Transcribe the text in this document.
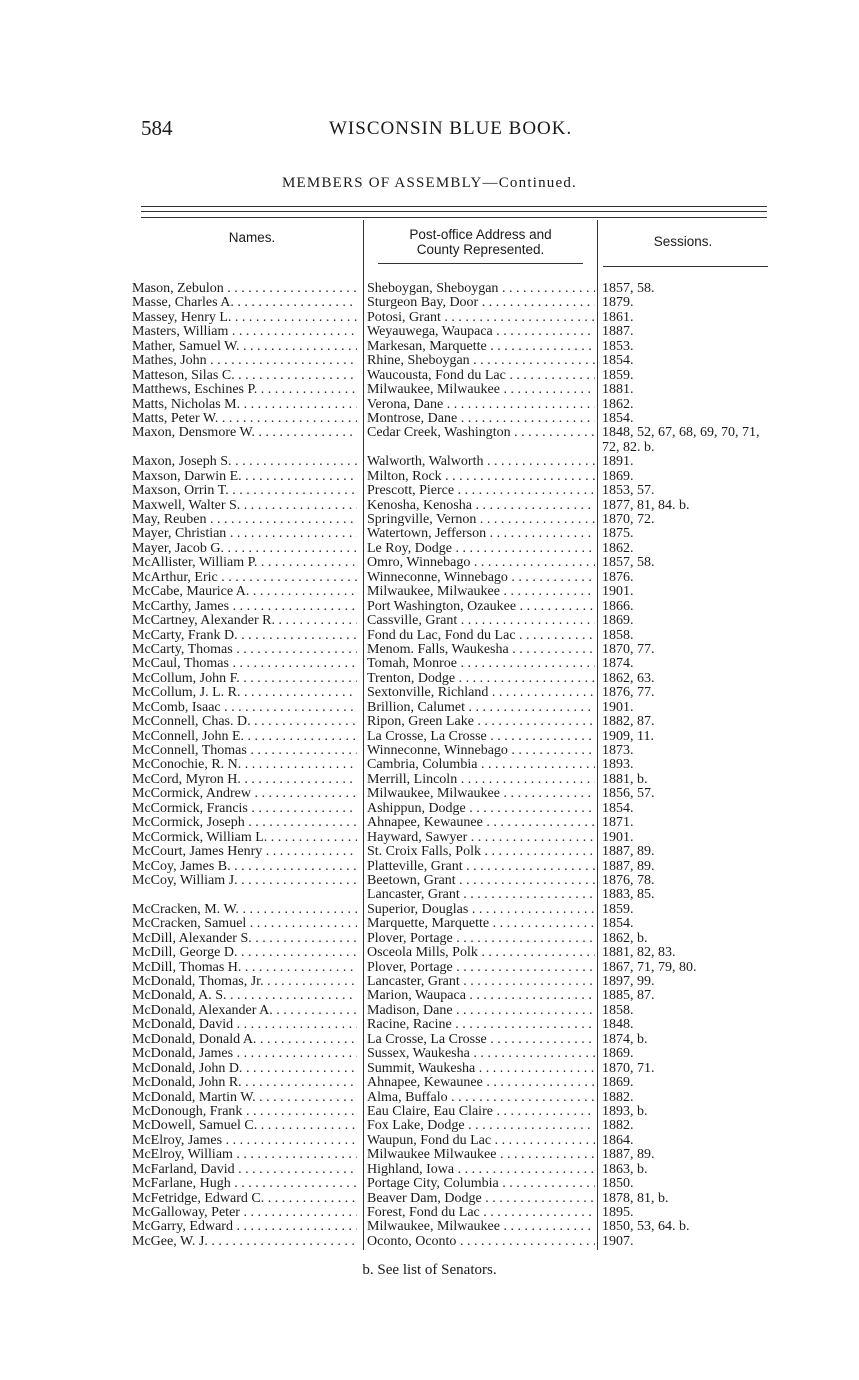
584	WISCONSIN BLUE BOOK.
MEMBERS OF ASSEMBLY—Continued.
Names.	Post-office Address and
County Represented.
Sessions.
Mason, Zebulon . . .	Sheboygan, Sheboygan . . .	1857, 58.
Masse, Charles A. . . .	Sturgeon Bay, Door . . .	1879.
Massey, Henry L. . . .	Potosi, Grant . . .	1861.
Masters, William . . .	Weyauwega, Waupaca . . .	1887.
Mather, Samuel W. . . .	Markesan, Marquette . . .	1853.
Mathes, John . . .	Rhine, Sheboygan . . .	1854.
Matteson, Silas C. . . .	Waucousta, Fond du Lac . . .	1859.
Matthews, Eschines P. . . .	Milwaukee, Milwaukee . . .	1881.
Matts, Nicholas M. . . .	Verona, Dane . . .	1862.
Matts, Peter W. . . .	Montrose, Dane . . .	1854.
Maxon, Densmore W. . . .	Cedar Creek, Washington . . .	1848, 52, 67, 68, 69, 70, 71, 72, 82. b.
Maxon, Joseph S. . . .	Walworth, Walworth . . .	1891.
Maxson, Darwin E. . . .	Milton, Rock . . .	1869.
Maxson, Orrin T. . . .	Prescott, Pierce . . .	1853, 57.
Maxwell, Walter S. . . .	Kenosha, Kenosha . . .	1877, 81, 84. b.
May, Reuben . . .	Springville, Vernon . . .	1870, 72.
Mayer, Christian . . .	Watertown, Jefferson . . .	1875.
Mayer, Jacob G. . . .	Le Roy, Dodge . . .	1862.
McAllister, William P. . . .	Omro, Winnebago . . .	1857, 58.
McArthur, Eric . . .	Winneconne, Winnebago . . .	1876.
McCabe, Maurice A. . . .	Milwaukee, Milwaukee . . .	1901.
McCarthy, James . . .	Port Washington, Ozaukee . . .	1866.
McCartney, Alexander R. . . .	Cassville, Grant . . .	1869.
McCarty, Frank D. . . .	Fond du Lac, Fond du Lac . . .	1858.
McCarty, Thomas . . .	Menom. Falls, Waukesha . . .	1870, 77.
McCaul, Thomas . . .	Tomah, Monroe . . .	1874.
McCollum, John F. . . .	Trenton, Dodge . . .	1862, 63.
McCollum, J. L. R. . . .	Sextonville, Richland . . .	1876, 77.
McComb, Isaac . . .	Brillion, Calumet . . .	1901.
McConnell, Chas. D. . . .	Ripon, Green Lake . . .	1882, 87.
McConnell, John E. . . .	La Crosse, La Crosse . . .	1909, 11.
McConnell, Thomas . . .	Winneconne, Winnebago . . .	1873.
McConochie, R. N. . . .	Cambria, Columbia . . .	1893.
McCord, Myron H. . . .	Merrill, Lincoln . . .	1881, b.
McCormick, Andrew . . .	Milwaukee, Milwaukee . . .	1856, 57.
McCormick, Francis . . .	Ashippun, Dodge . . .	1854.
McCormick, Joseph . . .	Ahnapee, Kewaunee . . .	1871.
McCormick, William L. . . .	Hayward, Sawyer . . .	1901.
McCourt, James Henry . . .	St. Croix Falls, Polk . . .	1887, 89.
McCoy, James B. . . .	Platteville, Grant . . .	1887, 89.
McCoy, William J. . . .	Beetown, Grant . . .	1876, 78.
Lancaster, Grant . . .	1883, 85.
McCracken, M. W. . . .	Superior, Douglas . . .	1859.
McCracken, Samuel . . .	Marquette, Marquette . . .	1854.
McDill, Alexander S. . . .	Plover, Portage . . .	1862, b.
McDill, George D. . . .	Osceola Mills, Polk . . .	1881, 82, 83.
McDill, Thomas H. . . .	Plover, Portage . . .	1867, 71, 79, 80.
McDonald, Thomas, Jr. . . .	Lancaster, Grant . . .	1897, 99.
McDonald, A. S. . . .	Marion, Waupaca . . .	1885, 87.
McDonald, Alexander A. . . .	Madison, Dane . . .	1858.
McDonald, David . . .	Racine, Racine . . .	1848.
McDonald, Donald A. . . .	La Crosse, La Crosse . . .	1874, b.
McDonald, James . . .	Sussex, Waukesha . . .	1869.
McDonald, John D. . . .	Summit, Waukesha . . .	1870, 71.
McDonald, John R. . . .	Ahnapee, Kewaunee . . .	1869.
McDonald, Martin W. . . .	Alma, Buffalo . . .	1882.
McDonough, Frank . . .	Eau Claire, Eau Claire . . .	1893, b.
McDowell, Samuel C. . . .	Fox Lake, Dodge . . .	1882.
McElroy, James . . .	Waupun, Fond du Lac . . .	1864.
McElroy, William . . .	Milwaukee Milwaukee . . .	1887, 89.
McFarland, David . . .	Highland, Iowa . . .	1863, b.
McFarlane, Hugh . . .	Portage City, Columbia . . .	1850.
McFetridge, Edward C. . . .	Beaver Dam, Dodge . . .	1878, 81, b.
McGalloway, Peter . . .	Forest, Fond du Lac . . .	1895.
McGarry, Edward . . .	Milwaukee, Milwaukee . . .	1850, 53, 64. b.
McGee, W. J. . . .	Oconto, Oconto . . .	1907.
b. See list of Senators.
